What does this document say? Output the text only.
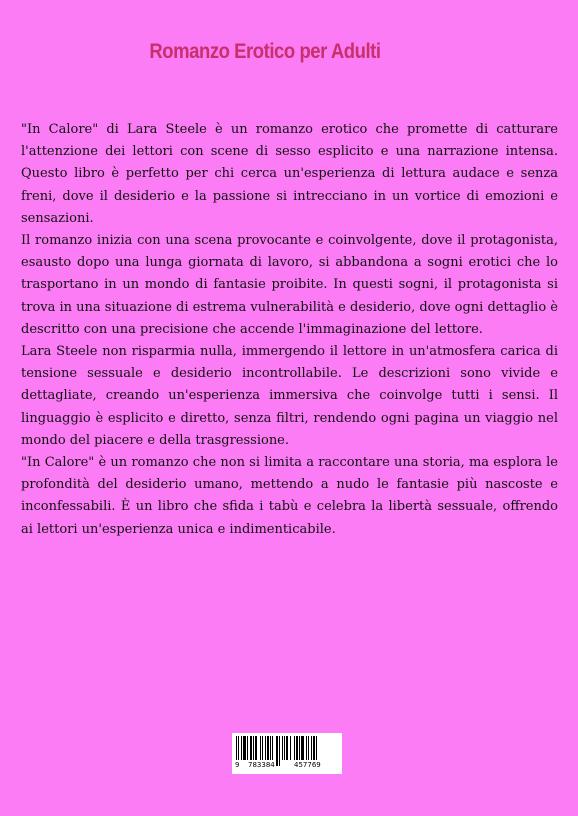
Romanzo Erotico per Adulti

"In Calore" di Lara Steele è un romanzo erotico che promette di catturare l'attenzione dei lettori con scene di sesso esplicito e una narrazione intensa. Questo libro è perfetto per chi cerca un'esperienza di lettura audace e senza freni, dove il desiderio e la passione si intrecciano in un vortice di emozioni e sensazioni.

Il romanzo inizia con una scena provocante e coinvolgente, dove il protagonista, esausto dopo una lunga giornata di lavoro, si abbandona a sogni erotici che lo trasportano in un mondo di fantasie proibite. In questi sogni, il protagonista si trova in una situazione di estrema vulnerabilità e desiderio, dove ogni dettaglio è descritto con una precisione che accende l'immaginazione del lettore.

Lara Steele non risparmia nulla, immergendo il lettore in un'atmosfera carica di tensione sessuale e desiderio incontrollabile. Le descrizioni sono vivide e dettagliate, creando un'esperienza immersiva che coinvolge tutti i sensi. Il linguaggio è esplicito e diretto, senza filtri, rendendo ogni pagina un viaggio nel mondo del piacere e della trasgressione.

"In Calore" è un romanzo che non si limita a raccontare una storia, ma esplora le profondità del desiderio umano, mettendo a nudo le fantasie più nascoste e inconfessabili. È un libro che sfida i tabù e celebra la libertà sessuale, offrendo ai lettori un'esperienza unica e indimenticabile.

9 783384	457769
